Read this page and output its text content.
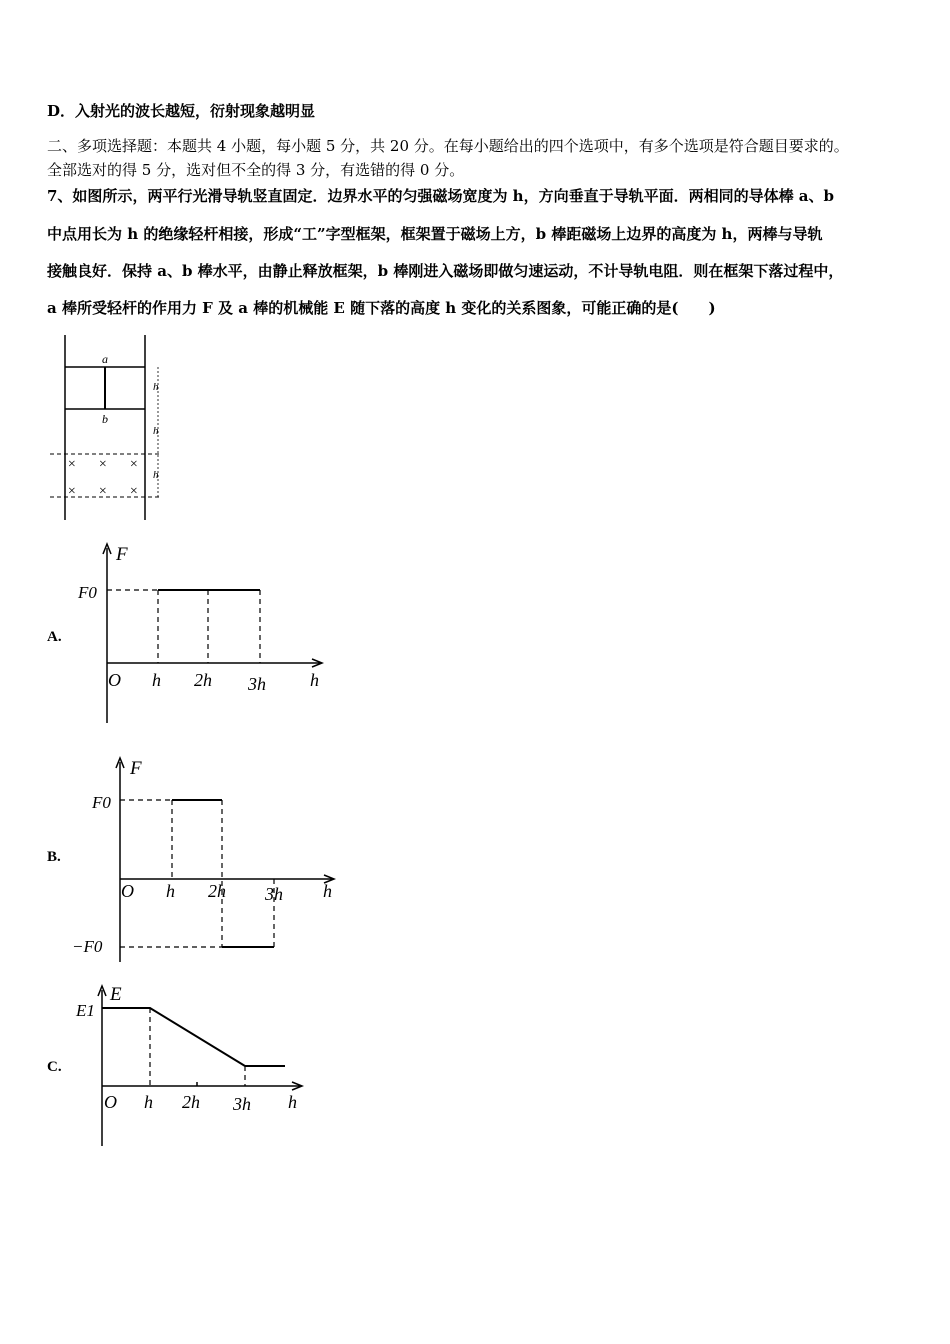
D．入射光的波长越短，衍射现象越明显
二、多项选择题：本题共 4 小题，每小题 5 分，共 20 分。在每小题给出的四个选项中，有多个选项是符合题目要求的。
全部选对的得 5 分，选对但不全的得 3 分，有选错的得 0 分。
7、如图所示，两平行光滑导轨竖直固定．边界水平的匀强磁场宽度为 h，方向垂直于导轨平面．两相同的导体棒 a、b
中点用长为 h 的绝缘轻杆相接，形成“工”字型框架，框架置于磁场上方，b 棒距磁场上边界的高度为 h，两棒与导轨
接触良好．保持 a、b 棒水平，由静止释放框架，b 棒刚进入磁场即做匀速运动，不计导轨电阻．则在框架下落过程中，
a 棒所受轻杆的作用力 F 及 a 棒的机械能 E 随下落的高度 h 变化的关系图象，可能正确的是(　　)
a
b
× × ×
× × ×
h
h
h
A.
F
F0
O h 2h 3h h
B.
F
F0
−F0
O h 2h 3h h
C.
E
E1
O h 2h 3h h
